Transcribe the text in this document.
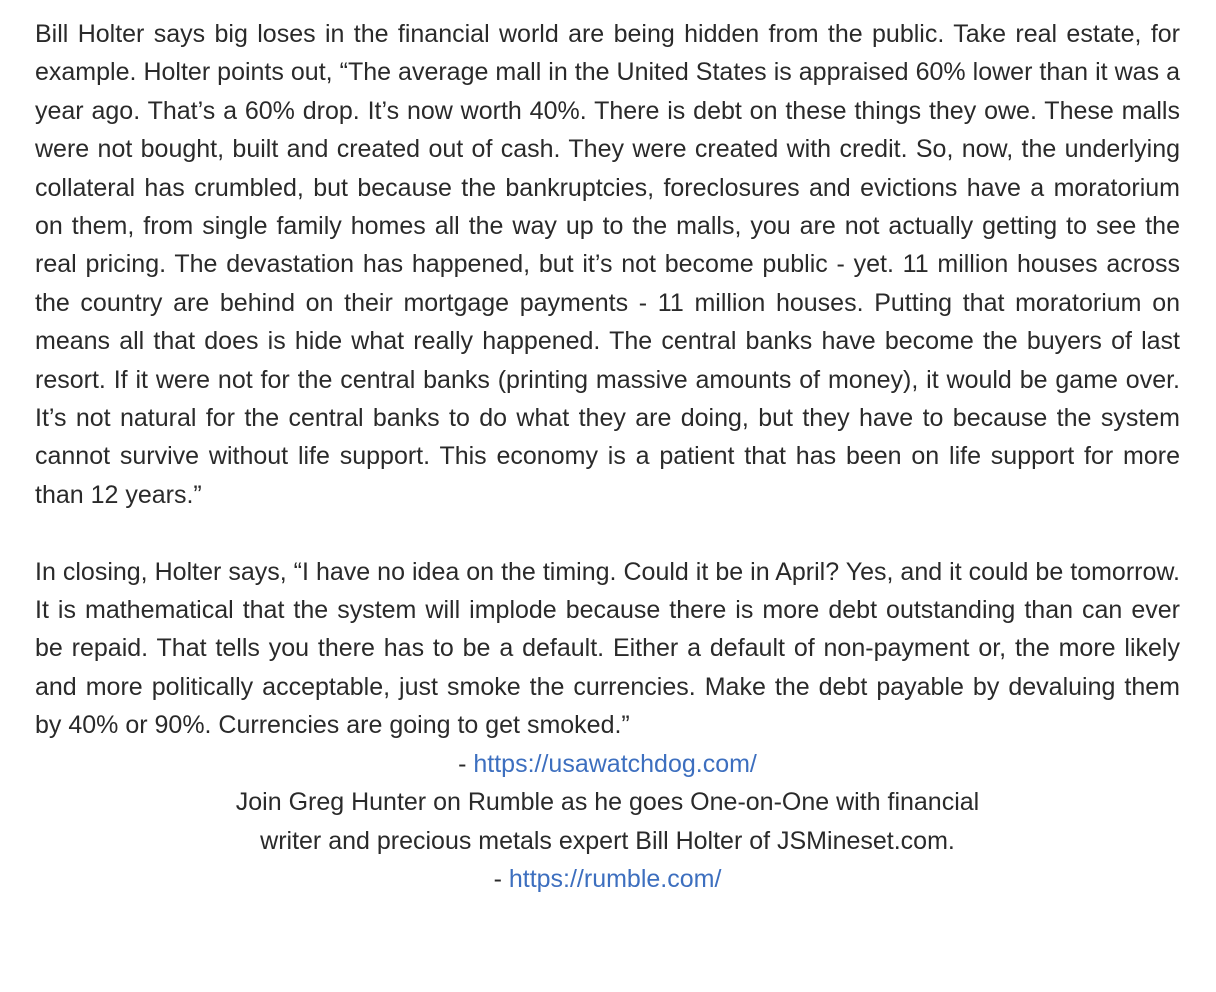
Bill Holter says big loses in the financial world are being hidden from the public. Take real estate, for example. Holter points out, “The average mall in the United States is appraised 60% lower than it was a year ago. That’s a 60% drop. It’s now worth 40%. There is debt on these things they owe. These malls were not bought, built and created out of cash. They were created with credit. So, now, the underlying collateral has crumbled, but because the bankruptcies, foreclosures and evictions have a moratorium on them, from single family homes all the way up to the malls, you are not actually getting to see the real pricing. The devastation has happened, but it’s not become public - yet. 11 million houses across the country are behind on their mortgage payments - 11 million houses. Putting that moratorium on means all that does is hide what really happened. The central banks have become the buyers of last resort. If it were not for the central banks (printing massive amounts of money), it would be game over. It’s not natural for the central banks to do what they are doing, but they have to because the system cannot survive without life support. This economy is a patient that has been on life support for more than 12 years.”

In closing, Holter says, “I have no idea on the timing. Could it be in April? Yes, and it could be tomorrow. It is mathematical that the system will implode because there is more debt outstanding than can ever be repaid. That tells you there has to be a default. Either a default of non-payment or, the more likely and more politically acceptable, just smoke the currencies. Make the debt payable by devaluing them by 40% or 90%. Currencies are going to get smoked.”

- https://usawatchdog.com/

Join Greg Hunter on Rumble as he goes One-on-One with financial

writer and precious metals expert Bill Holter of JSMineset.com.

- https://rumble.com/
